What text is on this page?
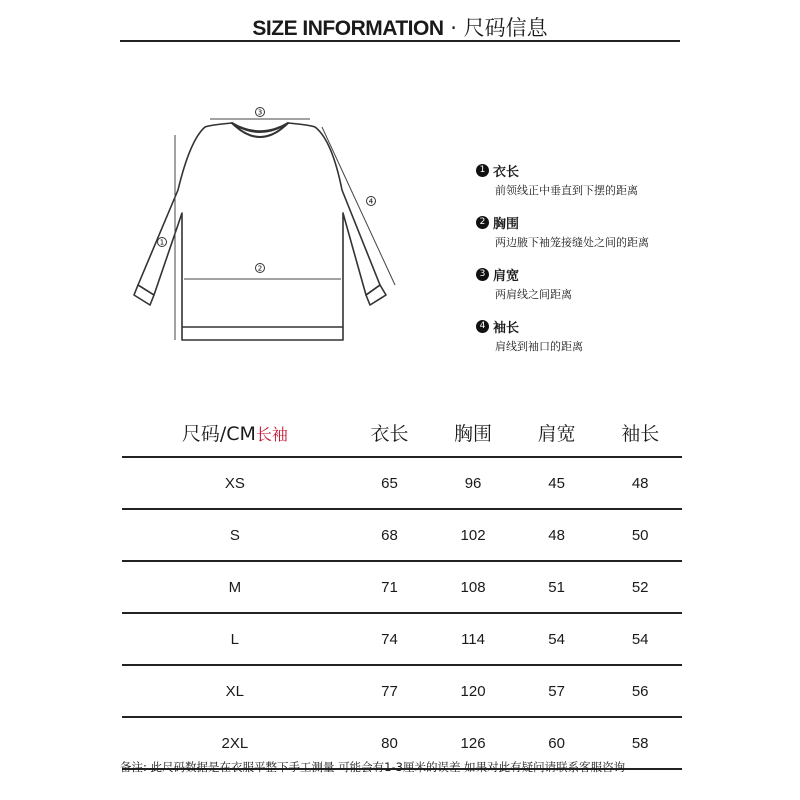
SIZE INFORMATION · 尺码信息
1
2
3
4
1 衣长
前领线正中垂直到下摆的距离
2 胸围
两边腋下袖笼接缝处之间的距离
3 肩宽
两肩线之间距离
4 袖长
肩线到袖口的距离
尺码/CM长袖	衣长	胸围	肩宽	袖长
XS	65	96	45	48
S	68	102	48	50
M	71	108	51	52
L	74	114	54	54
XL	77	120	57	56
2XL	80	126	60	58
备注: 此尺码数据是在衣服平整下手工测量 可能会有1-3厘米的误差 如果对此有疑问请联系客服咨询
